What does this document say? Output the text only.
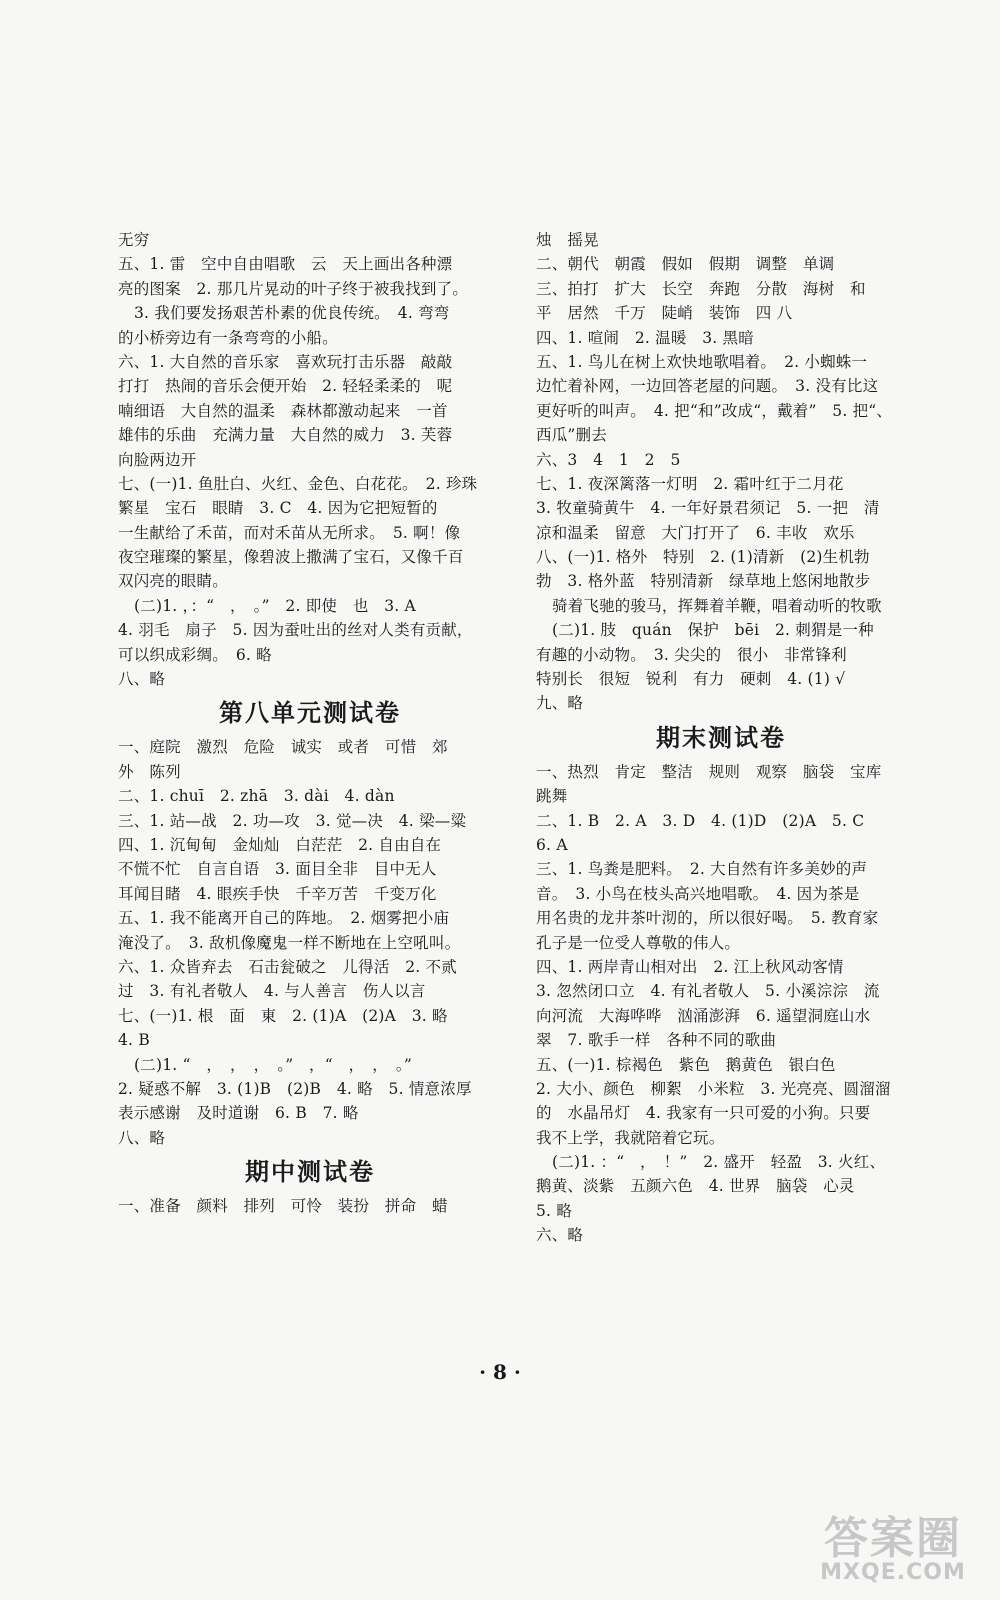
无穷
五、1. 雷　空中自由唱歌　云　天上画出各种漂
亮的图案　2. 那几片晃动的叶子终于被我找到了。
3. 我们要发扬艰苦朴素的优良传统。　4. 弯弯
的小桥旁边有一条弯弯的小船。
六、1. 大自然的音乐家　喜欢玩打击乐器　敲敲
打打　热闹的音乐会便开始　2. 轻轻柔柔的　呢
喃细语　大自然的温柔　森林都激动起来　一首
雄伟的乐曲　充满力量　大自然的威力　3. 芙蓉
向脸两边开
七、(一)1. 鱼肚白、火红、金色、白花花。　2. 珍珠
繁星　宝石　眼睛　3. C　4. 因为它把短暂的
一生献给了禾苗，而对禾苗从无所求。　5. 啊！像
夜空璀璨的繁星，像碧波上撒满了宝石，又像千百
双闪亮的眼睛。
(二)1. ，：“　，　。”　2. 即使　也　3. A
4. 羽毛　扇子　5. 因为蚕吐出的丝对人类有贡献，
可以织成彩绸。　6. 略
八、略
第八单元测试卷
一、庭院　激烈　危险　诚实　或者　可惜　郊
外　陈列
二、1. chuī　2. zhā　3. dài　4. dàn
三、1. 站—战　2. 功—攻　3. 觉—决　4. 梁—粱
四、1. 沉甸甸　金灿灿　白茫茫　2. 自由自在
不慌不忙　自言自语　3. 面目全非　目中无人
耳闻目睹　4. 眼疾手快　千辛万苦　千变万化
五、1. 我不能离开自己的阵地。　2. 烟雾把小庙
淹没了。　3. 敌机像魔鬼一样不断地在上空吼叫。
六、1. 众皆弃去　石击瓮破之　儿得活　2. 不贰
过　3. 有礼者敬人　4. 与人善言　伤人以言
七、(一)1. 根　面　東　2. (1)A　(2)A　3. 略
4. B
(二)1. “　，　，　，　。”　，“　，　，　。”
2. 疑惑不解　3. (1)B　(2)B　4. 略　5. 情意浓厚
表示感谢　及时道谢　6. B　7. 略
八、略
期中测试卷
一、准备　颜料　排列　可怜　装扮　拼命　蜡
烛　摇晃
二、朝代　朝霞　假如　假期　调整　单调
三、拍打　扩大　长空　奔跑　分散　海树　和
平　居然　千万　陡峭　装饰　四 八
四、1. 喧闹　2. 温暖　3. 黑暗
五、1. 鸟儿在树上欢快地歌唱着。　2. 小蜘蛛一
边忙着补网，一边回答老屋的问题。　3. 没有比这
更好听的叫声。　4. 把“和”改成“，戴着”　5. 把“、
西瓜”删去
六、3　4　1　2　5
七、1. 夜深篱落一灯明　2. 霜叶红于二月花
3. 牧童骑黄牛　4. 一年好景君须记　5. 一把　清
凉和温柔　留意　大门打开了　6. 丰收　欢乐
八、(一)1. 格外　特别　2. (1)清新　(2)生机勃
勃　3. 格外蓝　特别清新　绿草地上悠闲地散步
骑着飞驰的骏马，挥舞着羊鞭，唱着动听的牧歌
(二)1. 肢　quán　保护　bēi　2. 刺猬是一种
有趣的小动物。　3. 尖尖的　很小　非常锋利
特别长　很短　锐利　有力　硬刺　4. (1) √
九、略
期末测试卷
一、热烈　肯定　整洁　规则　观察　脑袋　宝库
跳舞
二、1. B　2. A　3. D　4. (1)D　(2)A　5. C
6. A
三、1. 鸟粪是肥料。　2. 大自然有许多美妙的声
音。　3. 小鸟在枝头高兴地唱歌。　4. 因为茶是
用名贵的龙井茶叶沏的，所以很好喝。　5. 教育家
孔子是一位受人尊敬的伟人。
四、1. 两岸青山相对出　2. 江上秋风动客情
3. 忽然闭口立　4. 有礼者敬人　5. 小溪淙淙　流
向河流　大海哗哗　汹涌澎湃　6. 遥望洞庭山水
翠　7. 歌手一样　各种不同的歌曲
五、(一)1. 棕褐色　紫色　鹅黄色　银白色
2. 大小、颜色　柳絮　小米粒　3. 光亮亮、圆溜溜
的　水晶吊灯　4. 我家有一只可爱的小狗。只要
我不上学，我就陪着它玩。
(二)1. ：“　，　！”　2. 盛开　轻盈　3. 火红、
鹅黄、淡紫　五颜六色　4. 世界　脑袋　心灵
5. 略
六、略
· 8 ·
答案圈
MXQE.COM
